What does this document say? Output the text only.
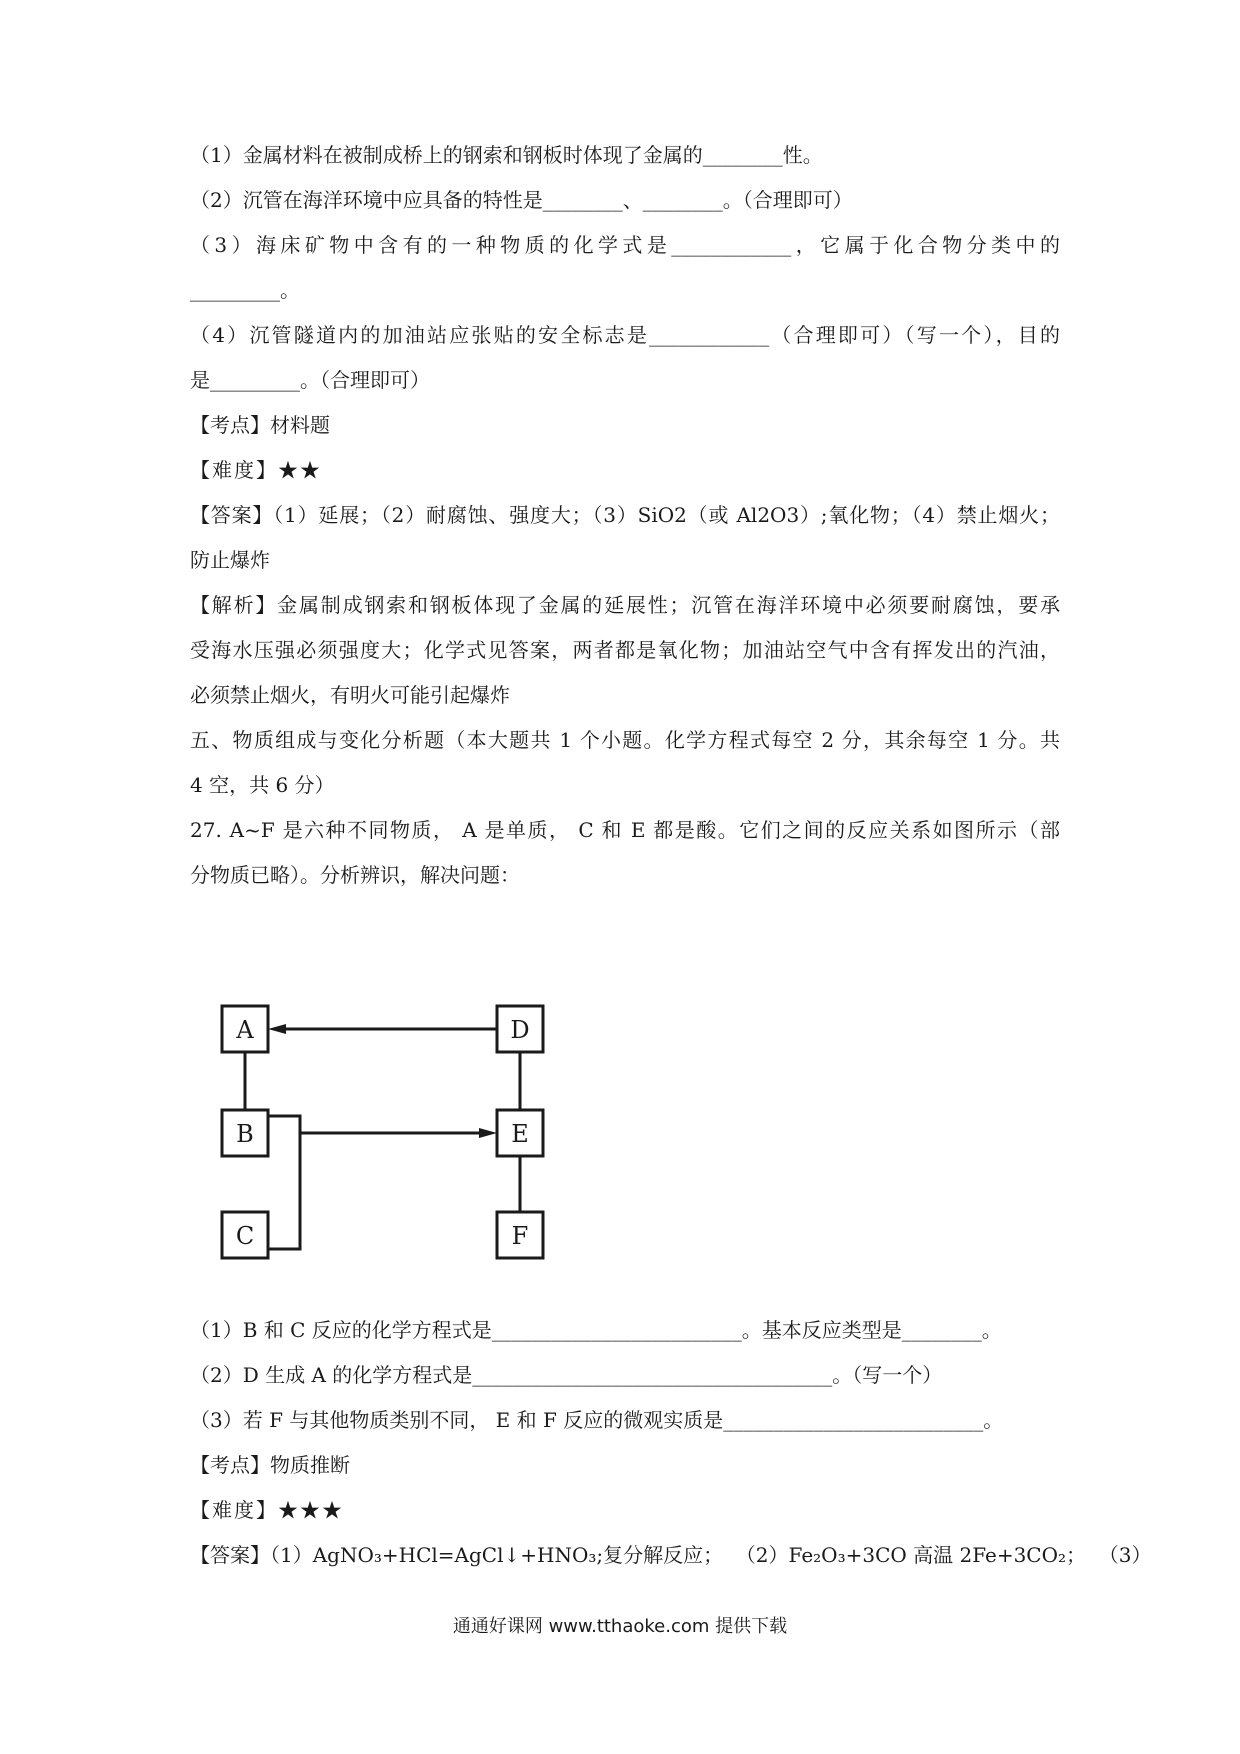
（1）金属材料在被制成桥上的钢索和钢板时体现了金属的________性。
（2）沉管在海洋环境中应具备的特性是________、________。（合理即可）
（3）海床矿物中含有的一种物质的化学式是____________，它属于化合物分类中的
_________。
（4）沉管隧道内的加油站应张贴的安全标志是____________（合理即可）（写一个），目的
是_________。（合理即可）
【考点】材料题
【难度】★★
【答案】（1）延展；（2）耐腐蚀、强度大；（3）SiO2（或 Al2O3）;氧化物；（4）禁止烟火；
防止爆炸
【解析】金属制成钢索和钢板体现了金属的延展性；沉管在海洋环境中必须要耐腐蚀，要承
受海水压强必须强度大；化学式见答案，两者都是氧化物；加油站空气中含有挥发出的汽油，
必须禁止烟火，有明火可能引起爆炸
五、物质组成与变化分析题（本大题共 1 个小题。化学方程式每空 2 分，其余每空 1 分。共
4 空，共 6 分）
27. A~F 是六种不同物质， A 是单质， C 和 E 都是酸。它们之间的反应关系如图所示（部
分物质已略）。分析辨识，解决问题：
A
B
C
D
E
F
（1）B 和 C 反应的化学方程式是_________________________。基本反应类型是________。
（2）D 生成 A 的化学方程式是____________________________________。（写一个）
（3）若 F 与其他物质类别不同， E 和 F 反应的微观实质是__________________________。
【考点】物质推断
【难度】★★★
【答案】（1）AgNO₃+HCl=AgCl↓+HNO₃;复分解反应；  （2）Fe₂O₃+3CO 高温 2Fe+3CO₂；  （3）
通通好课网 www.tthaoke.com 提供下载
